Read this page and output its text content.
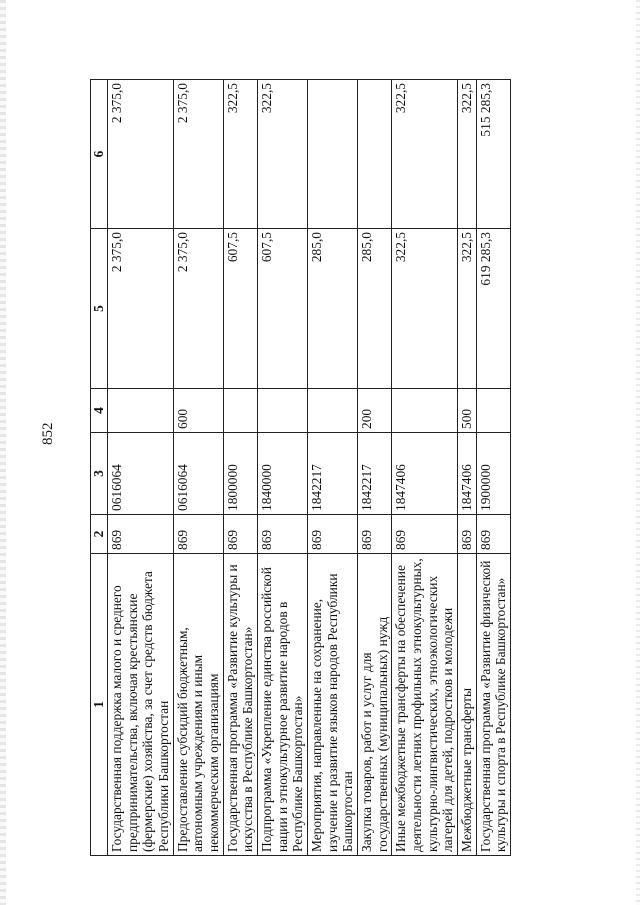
852
1	2	3	4	5	6
Государственная поддержка малого и среднего предпринимательства, включая крестьянские (фермерские) хозяйства, за счет средств бюджета Республики Башкортостан	869	0616064		2 375,0	2 375,0
Предоставление субсидий бюджетным, автономным учреждениям и иным некоммерческим организациям	869	0616064	600	2 375,0	2 375,0
Государственная программа «Развитие культуры и искусства в Республике Башкортостан»	869	1800000		607,5	322,5
Подпрограмма «Укрепление единства российской нации и этнокультурное развитие народов в Республике Башкортостан»	869	1840000		607,5	322,5
Мероприятия, направленные на сохранение, изучение и развитие языков народов Республики Башкортостан	869	1842217		285,0	
Закупка товаров, работ и услуг для государственных (муниципальных) нужд	869	1842217	200	285,0	
Иные межбюджетные трансферты на обеспечение деятельности летних профильных этнокультурных, культурно-лингвистических, этноэкологических лагерей для детей, подростков и молодежи	869	1847406		322,5	322,5
Межбюджетные трансферты	869	1847406	500	322,5	322,5
Государственная программа «Развитие физической культуры и спорта в Республике Башкортостан»	869	1900000		619 285,3	515 285,3
